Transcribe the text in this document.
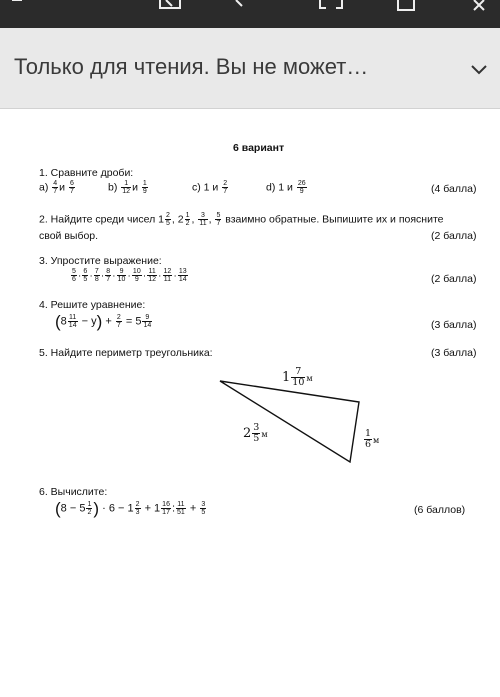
Только для чтения. Вы не может…
6 вариант
1. Сравните дроби:
$а) \frac{4}{7}$ и $\frac{6}{7}$	$b) \frac{1}{12}$ и $\frac{1}{9}$	c) 1 и $\frac{2}{7}$	d) 1 и $\frac{26}{9}$	(4 балла)
2. Найдите среди чисел $1 \frac{2}{5}$ , $2 \frac{1}{2}$ , $\frac{3}{11}$ , $\frac{5}{7}$ взаимно обратные. Выпишите их и поясните
свой выбор.	(2 балла)
3. Упростите выражение:
$\frac{5}{6} \cdot \frac{6}{5} \cdot \frac{7}{8} \cdot \frac{8}{7} \cdot \frac{9}{10} \cdot \frac{10}{9} \cdot \frac{11}{12} \cdot \frac{12}{11} \cdot \frac{13}{14}$	(2 балла)
4. Решите уравнение:
$(8 \frac{11}{14} - y) + \frac{2}{7} = 5 \frac{9}{14}$	(3 балла)
5. Найдите периметр треугольника:	(3 балла)
$1 \frac{7}{10}$ м
$2 \frac{3}{5}$ м	$\frac{1}{6}$ м
6. Вычислите:
($8 - 5 \frac{1}{2}$ ) · $6 - 1 \frac{2}{3} + 1 \frac{16}{17}$ : $\frac{11}{51} + \frac{3}{5}$	(6 баллов)
